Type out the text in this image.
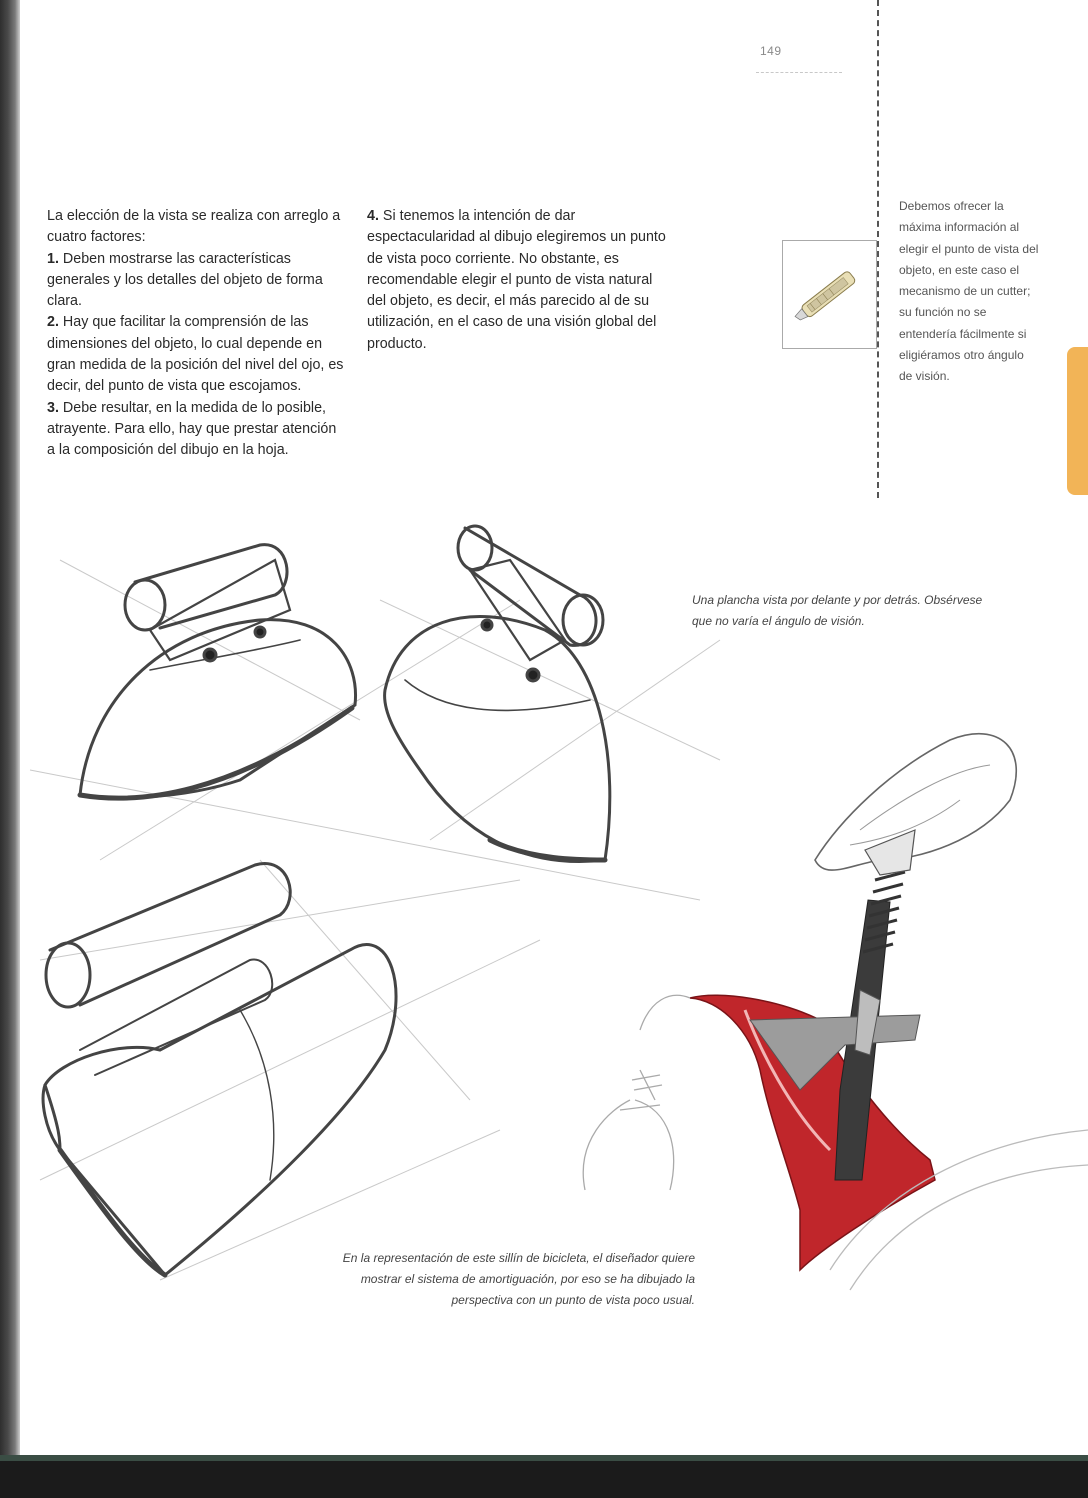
149

La elección de la vista se realiza con arreglo a cuatro factores:

1. Deben mostrarse las características generales y los detalles del objeto de forma clara.

2. Hay que facilitar la comprensión de las dimensiones del objeto, lo cual depende en gran medida de la posición del nivel del ojo, es decir, del punto de vista que escojamos.

3. Debe resultar, en la medida de lo posible, atrayente. Para ello, hay que prestar atención a la composición del dibujo en la hoja.

4. Si tenemos la intención de dar espectacularidad al dibujo elegiremos un punto de vista poco corriente. No obstante, es recomendable elegir el punto de vista natural del objeto, es decir, el más parecido al de su utilización, en el caso de una visión global del producto.

Debemos ofrecer la máxima información al elegir el punto de vista del objeto, en este caso el mecanismo de un cutter; su función no se entendería fácilmente si eligiéramos otro ángulo de visión.
Una plancha vista por delante y por detrás. Obsérvese que no varía el ángulo de visión.
En la representación de este sillín de bicicleta, el diseñador quiere mostrar el sistema de amortiguación, por eso se ha dibujado la perspectiva con un punto de vista poco usual.
